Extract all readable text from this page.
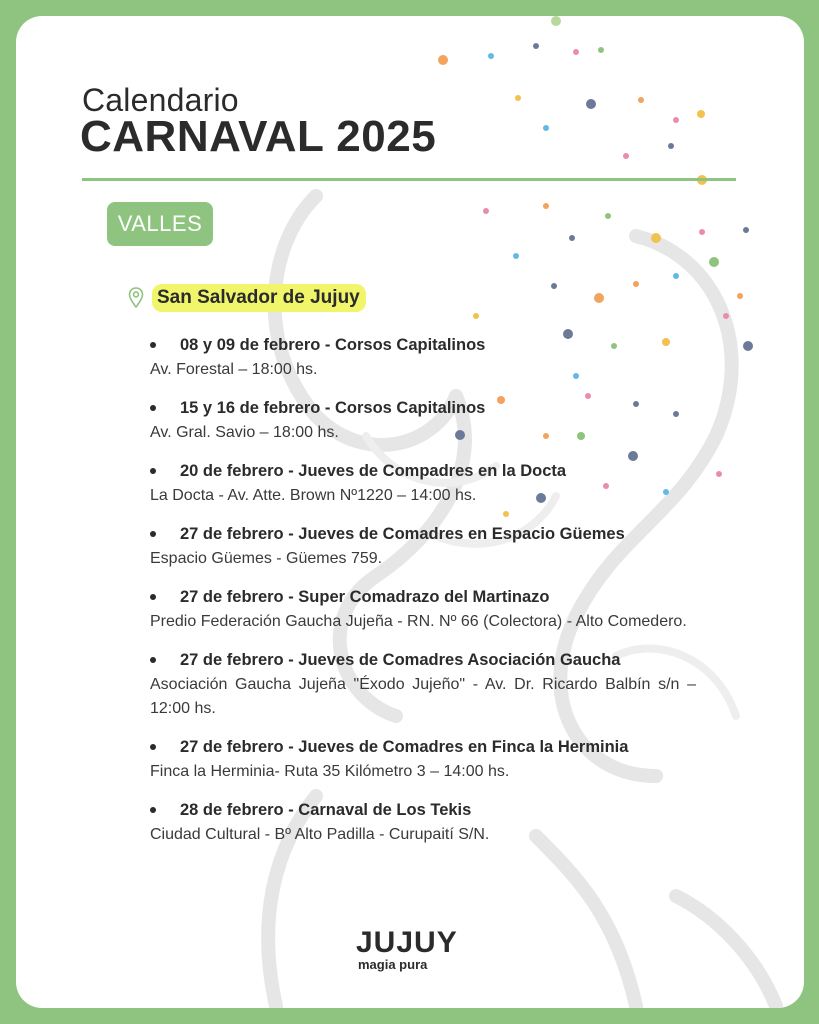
Calendario
CARNAVAL 2025
VALLES
San Salvador de Jujuy
08 y 09 de febrero - Corsos Capitalinos
Av. Forestal – 18:00 hs.
15 y 16 de febrero - Corsos Capitalinos
Av. Gral. Savio – 18:00 hs.
20 de febrero - Jueves de Compadres en la Docta
La Docta - Av. Atte. Brown Nº1220 – 14:00 hs.
27 de febrero - Jueves de Comadres en Espacio Güemes
Espacio Güemes - Güemes 759.
27 de febrero - Super Comadrazo del Martinazo
Predio Federación Gaucha Jujeña - RN. Nº 66 (Colectora) - Alto Comedero.
27 de febrero - Jueves de Comadres Asociación Gaucha
Asociación Gaucha Jujeña "Éxodo Jujeño" - Av. Dr. Ricardo Balbín s/n – 12:00 hs.
27 de febrero - Jueves de Comadres en Finca la Herminia
Finca la Herminia- Ruta 35 Kilómetro 3 – 14:00 hs.
28 de febrero - Carnaval de Los Tekis
Ciudad Cultural - Bº Alto Padilla - Curupaití S/N.
JUJUY
magia pura
